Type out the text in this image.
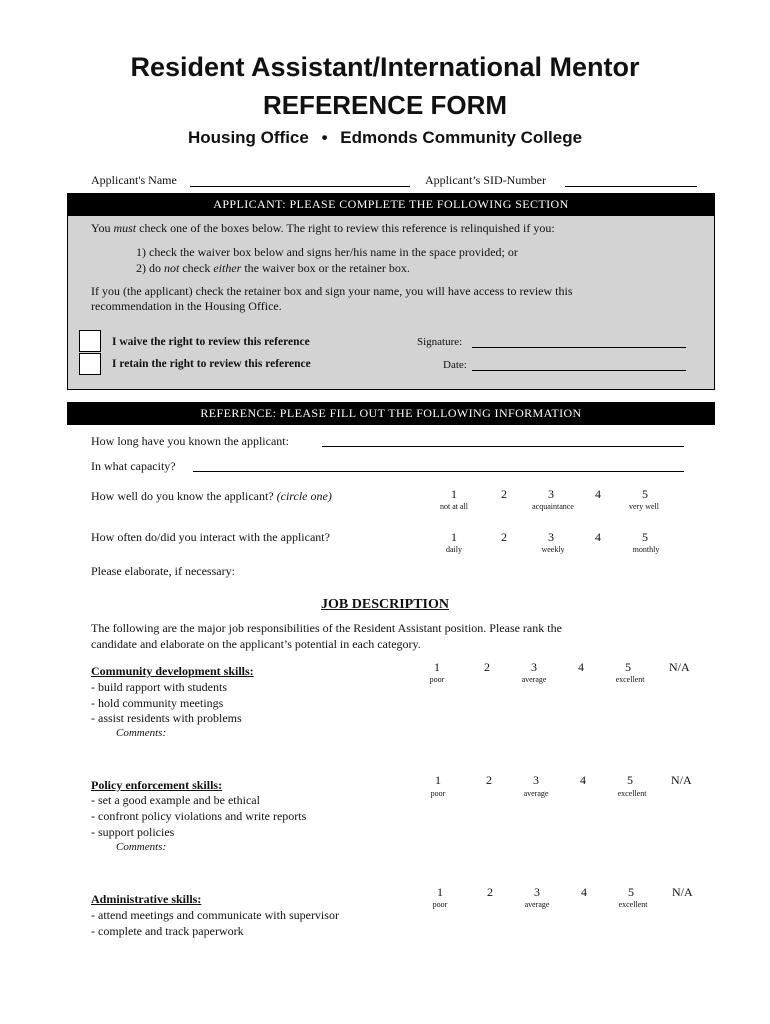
Resident Assistant/International Mentor
REFERENCE FORM
Housing Office • Edmonds Community College
Applicant's Name	Applicant’s SID-Number
APPLICANT: PLEASE COMPLETE THE FOLLOWING SECTION
You must check one of the boxes below. The right to review this reference is relinquished if you:
1) check the waiver box below and signs her/his name in the space provided; or
2) do not check either the waiver box or the retainer box.
If you (the applicant) check the retainer box and sign your name, you will have access to review this
recommendation in the Housing Office.
I waive the right to review this reference
I retain the right to review this reference
Signature:
Date:
REFERENCE: PLEASE FILL OUT THE FOLLOWING INFORMATION
How long have you known the applicant:
In what capacity?
How well do you know the applicant? (circle one)	1	2	3	4	5
not at all	acquaintance	very well
How often do/did you interact with the applicant?	1	2	3	4	5
daily	weekly	monthly
Please elaborate, if necessary:
JOB DESCRIPTION
The following are the major job responsibilities of the Resident Assistant position. Please rank the
candidate and elaborate on the applicant’s potential in each category.
Community development skills:
- build rapport with students
- hold community meetings
- assist residents with problems
Comments:
1	2	3	4	5	N/A
poor	average	excellent
Policy enforcement skills:
- set a good example and be ethical
- confront policy violations and write reports
- support policies
Comments:
1	2	3	4	5	N/A
poor	average	excellent
Administrative skills:
- attend meetings and communicate with supervisor
- complete and track paperwork
1	2	3	4	5	N/A
poor	average	excellent
